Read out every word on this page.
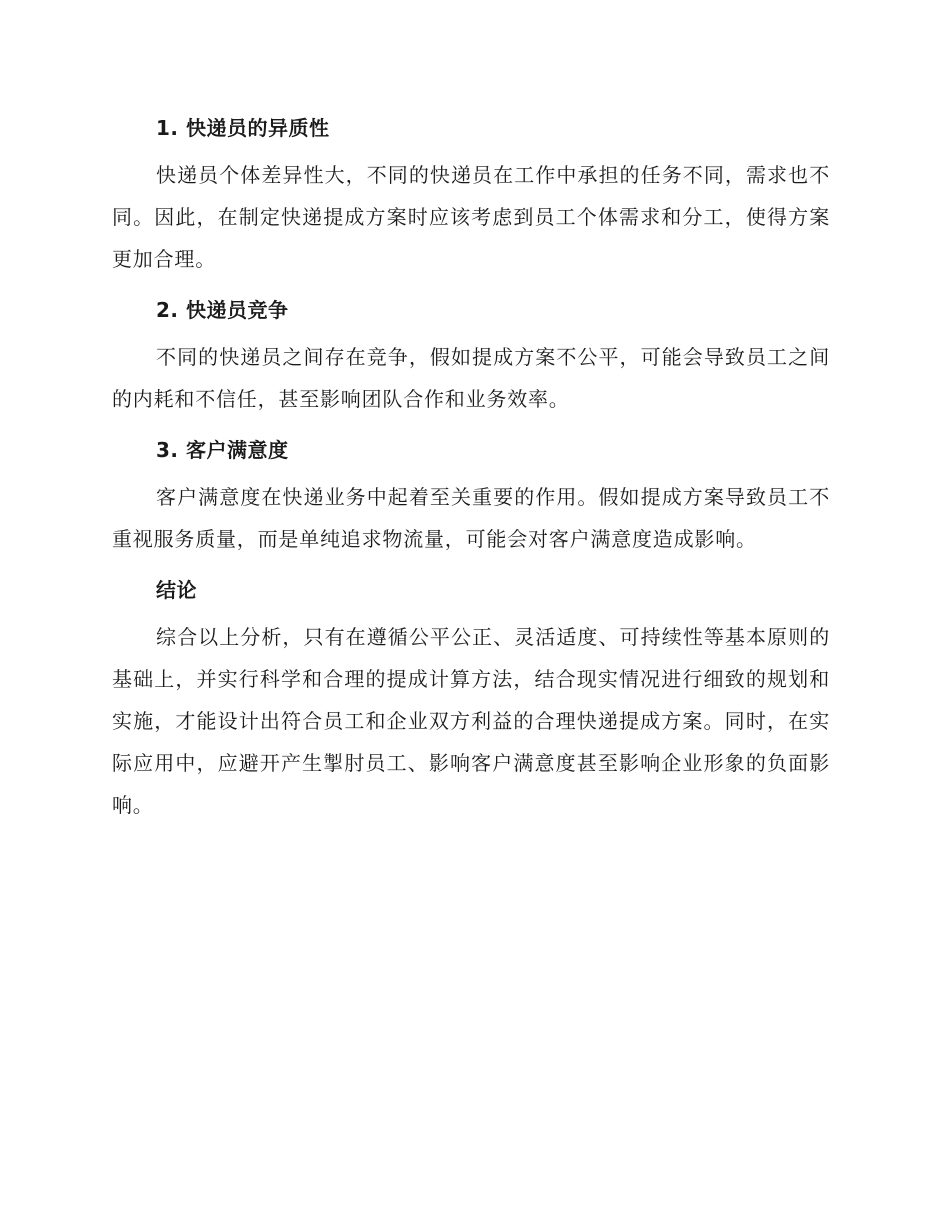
1. 快递员的异质性

快递员个体差异性大，不同的快递员在工作中承担的任务不同，需求也不同。因此，在制定快递提成方案时应该考虑到员工个体需求和分工，使得方案更加合理。

2. 快递员竞争

不同的快递员之间存在竞争，假如提成方案不公平，可能会导致员工之间的内耗和不信任，甚至影响团队合作和业务效率。

3. 客户满意度

客户满意度在快递业务中起着至关重要的作用。假如提成方案导致员工不重视服务质量，而是单纯追求物流量，可能会对客户满意度造成影响。

结论

综合以上分析，只有在遵循公平公正、灵活适度、可持续性等基本原则的基础上，并实行科学和合理的提成计算方法，结合现实情况进行细致的规划和实施，才能设计出符合员工和企业双方利益的合理快递提成方案。同时，在实际应用中，应避开产生掣肘员工、影响客户满意度甚至影响企业形象的负面影响。
